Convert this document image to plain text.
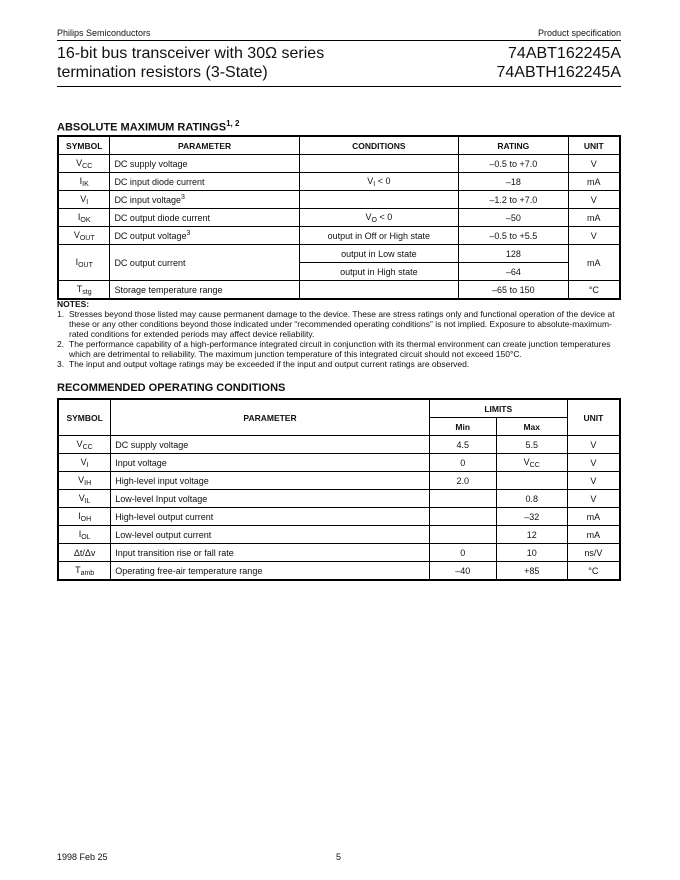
Philips Semiconductors	Product specification
16-bit bus transceiver with 30Ω series
termination resistors (3-State)
74ABT162245A
74ABTH162245A
ABSOLUTE MAXIMUM RATINGS$^{1, 2}$
SYMBOL	PARAMETER	CONDITIONS	RATING	UNIT
$V_{CC}$	DC supply voltage		–0.5 to +7.0	V
$I_{IK}$	DC input diode current	$V_I < 0$	–18	mA
$V_I$	DC input voltage$^3$		–1.2 to +7.0	V
$I_{OK}$	DC output diode current	$V_O < 0$	–50	mA
$V_{OUT}$	DC output voltage$^3$	output in Off or High state	–0.5 to +5.5	V
$I_{OUT}$	DC output current	output in Low state	128	mA
		output in High state	–64	
$T_{stg}$	Storage temperature range		–65 to 150	°C
NOTES:
1. Stresses beyond those listed may cause permanent damage to the device. These are stress ratings only and functional operation of the device at these or any other conditions beyond those indicated under “recommended operating conditions” is not implied. Exposure to absolute-maximum-rated conditions for extended periods may affect device reliability.
2. The performance capability of a high-performance integrated circuit in conjunction with its thermal environment can create junction temperatures which are detrimental to reliability. The maximum junction temperature of this integrated circuit should not exceed 150°C.
3. The input and output voltage ratings may be exceeded if the input and output current ratings are observed.
RECOMMENDED OPERATING CONDITIONS
SYMBOL	PARAMETER	LIMITS		UNIT
		Min	Max	
$V_{CC}$	DC supply voltage	4.5	5.5	V
$V_I$	Input voltage	0	$V_{CC}$	V
$V_{IH}$	High-level input voltage	2.0		V
$V_{IL}$	Low-level Input voltage		0.8	V
$I_{OH}$	High-level output current		–32	mA
$I_{OL}$	Low-level output current		12	mA
Δt/Δv	Input transition rise or fall rate	0	10	ns/V
$T_{amb}$	Operating free-air temperature range	–40	+85	°C
1998 Feb 25	5
